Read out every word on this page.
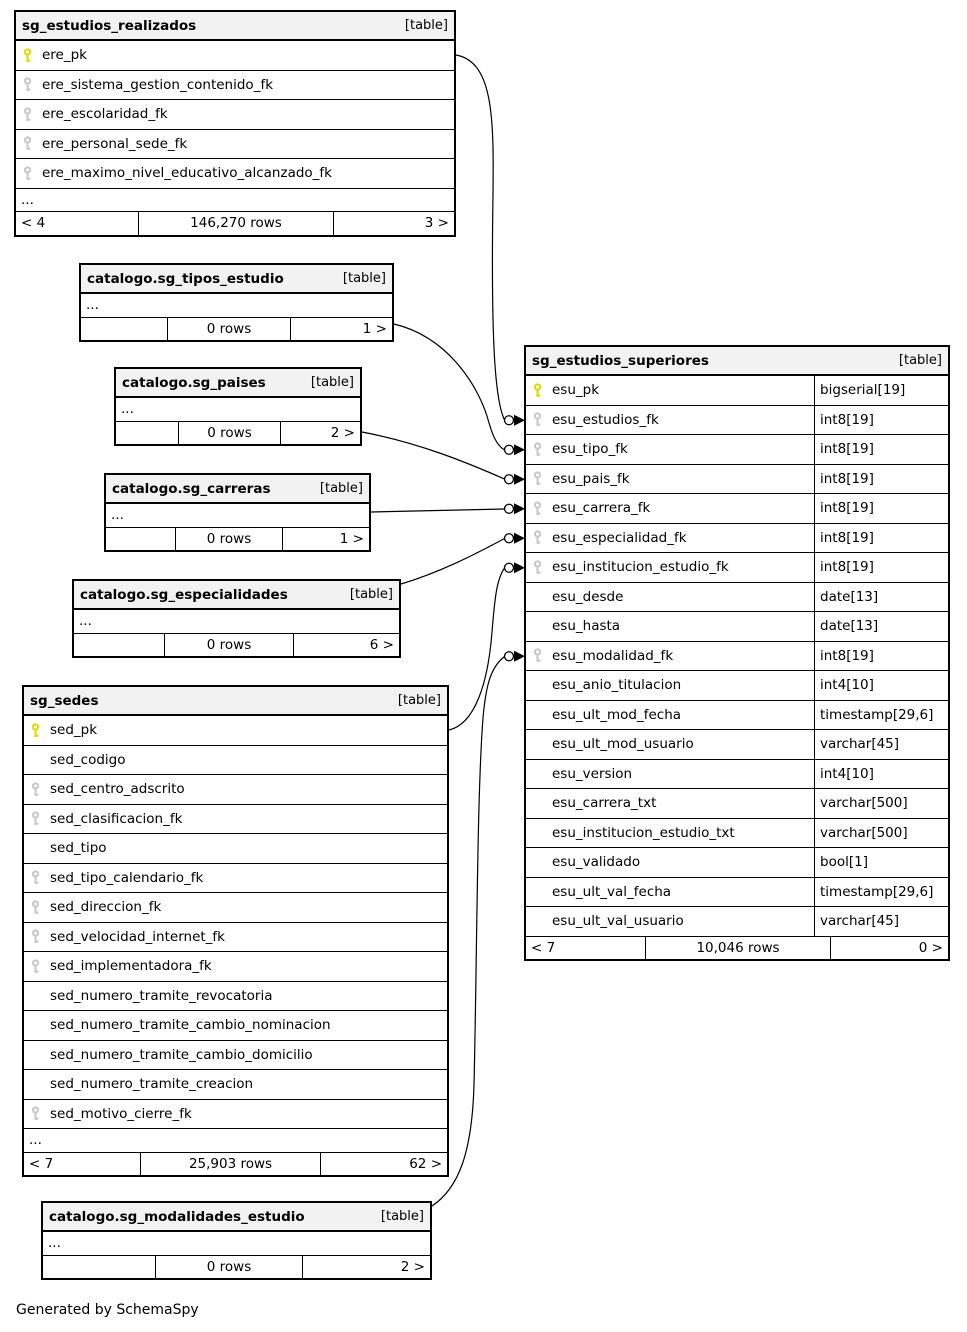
sg_estudios_realizados	[table]
ere_pk
ere_sistema_gestion_contenido_fk
ere_escolaridad_fk
ere_personal_sede_fk
ere_maximo_nivel_educativo_alcanzado_fk
...
< 4	146,270 rows	3 >
catalogo.sg_tipos_estudio	[table]
...
0 rows	1 >
catalogo.sg_paises	[table]
...
0 rows	2 >
catalogo.sg_carreras	[table]
...
0 rows	1 >
catalogo.sg_especialidades	[table]
...
0 rows	6 >
sg_sedes	[table]
sed_pk
sed_codigo
sed_centro_adscrito
sed_clasificacion_fk
sed_tipo
sed_tipo_calendario_fk
sed_direccion_fk
sed_velocidad_internet_fk
sed_implementadora_fk
sed_numero_tramite_revocatoria
sed_numero_tramite_cambio_nominacion
sed_numero_tramite_cambio_domicilio
sed_numero_tramite_creacion
sed_motivo_cierre_fk
...
< 7	25,903 rows	62 >
sg_estudios_superiores	[table]
esu_pk	bigserial[19]
esu_estudios_fk	int8[19]
esu_tipo_fk	int8[19]
esu_pais_fk	int8[19]
esu_carrera_fk	int8[19]
esu_especialidad_fk	int8[19]
esu_institucion_estudio_fk	int8[19]
esu_desde	date[13]
esu_hasta	date[13]
esu_modalidad_fk	int8[19]
esu_anio_titulacion	int4[10]
esu_ult_mod_fecha	timestamp[29,6]
esu_ult_mod_usuario	varchar[45]
esu_version	int4[10]
esu_carrera_txt	varchar[500]
esu_institucion_estudio_txt	varchar[500]
esu_validado	bool[1]
esu_ult_val_fecha	timestamp[29,6]
esu_ult_val_usuario	varchar[45]
< 7	10,046 rows	0 >
catalogo.sg_modalidades_estudio	[table]
...
0 rows	2 >
Generated by SchemaSpy
